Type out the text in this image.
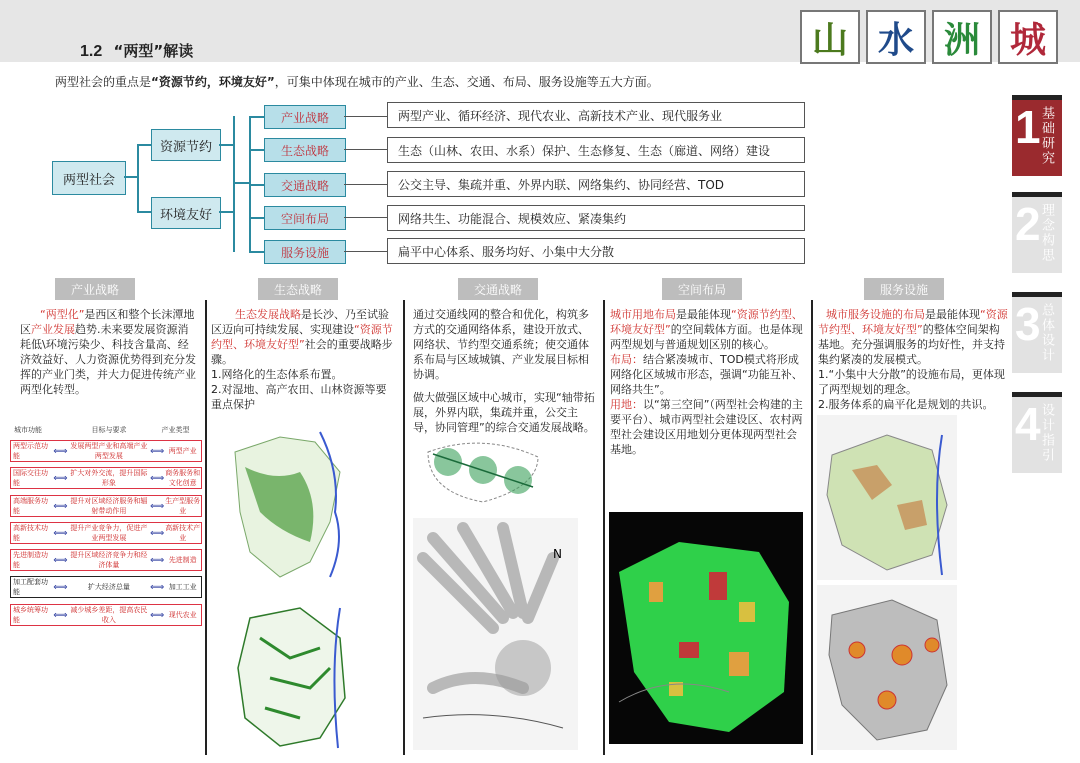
1.2 “两型”解读	山 水 洲 城
两型社会的重点是“资源节约，环境友好”，可集中体现在城市的产业、生态、交通、布局、服务设施等五大方面。
两型社会
资源节约
环境友好
产业战略
生态战略
交通战略
空间布局
服务设施
两型产业、循环经济、现代农业、高新技术产业、现代服务业
生态（山林、农田、水系）保护、生态修复、生态（廊道、网络）建设
公交主导、集疏并重、外界内联、网络集约、协同经营、TOD
网络共生、功能混合、规模效应、紧凑集约
扁平中心体系、服务均好、小集中大分散
1
基础研究
2
理念构思
3
总体设计
4
设计指引
产业战略	生态战略	交通战略	空间布局	服务设施
“两型化”是西区和整个长沫潭地区产业发展趋势.未来要发展资源消耗低\环境污染少、科技含量高、经济效益好、人力资源优势得到充分发挥的产业门类，并大力促进传统产业两型化转型。

生态发展战略是长沙、乃至试验区迈向可持续发展、实现建设“资源节约型、环境友好型”社会的重要战略步骤。

1.网络化的生态体系布置。

2.对湿地、高产农田、山林资源等要重点保护

通过交通线网的整合和优化，构筑多方式的交通网络体系，建设开放式、网络状、节约型交通系统；使交通体系布局与区域城镇、产业发展目标相协调。

做大做强区域中心城市，实现“轴带拓展，外界内联，集疏并重，公交主导，协同管理”的综合交通发展战略。

城市用地布局是最能体现“资源节约型、环境友好型”的空间载体方面。也是体现两型规划与普通规划区别的核心。

布局：结合紧凑城市、TOD模式将形成网络化区域城市形态，强调“功能互补、网络共生”。

用地：以“第三空间”（两型社会构建的主要平台）、城市两型社会建设区、农村两型社会建设区用地划分更体现两型社会基地。

城市服务设施的布局是最能体现“资源节约型、环境友好型”的整体空间架构基地。充分强调服务的均好性，并支持集约紧凑的发展模式。

1.“小集中大分散”的设施布局，更体现了两型规划的理念。

2.服务体系的扁平化是规划的共识。

城市功能	目标与要求	产业类型
两型示范功能	⟺ 发展两型产业和高端产业两型发展	⟺ 两型产业
国际交往功能	⟺ 扩大对外交流，提升国际形象	⟺ 商务服务和文化创意
高端服务功能	⟺ 提升对区域经济服务和辐射带动作用	⟺ 生产型服务业
高新技术功能	⟺ 提升产业竞争力，促进产业两型发展	⟺ 高新技术产业
先进制造功能	⟺ 提升区域经济竞争力和经济体量	⟺ 先进制造
加工配套功能	⟺	扩大经济总量	⟺ 加工工业
城乡统筹功能	⟺ 减少城乡差距，提高农民收入	⟺ 现代农业
N
